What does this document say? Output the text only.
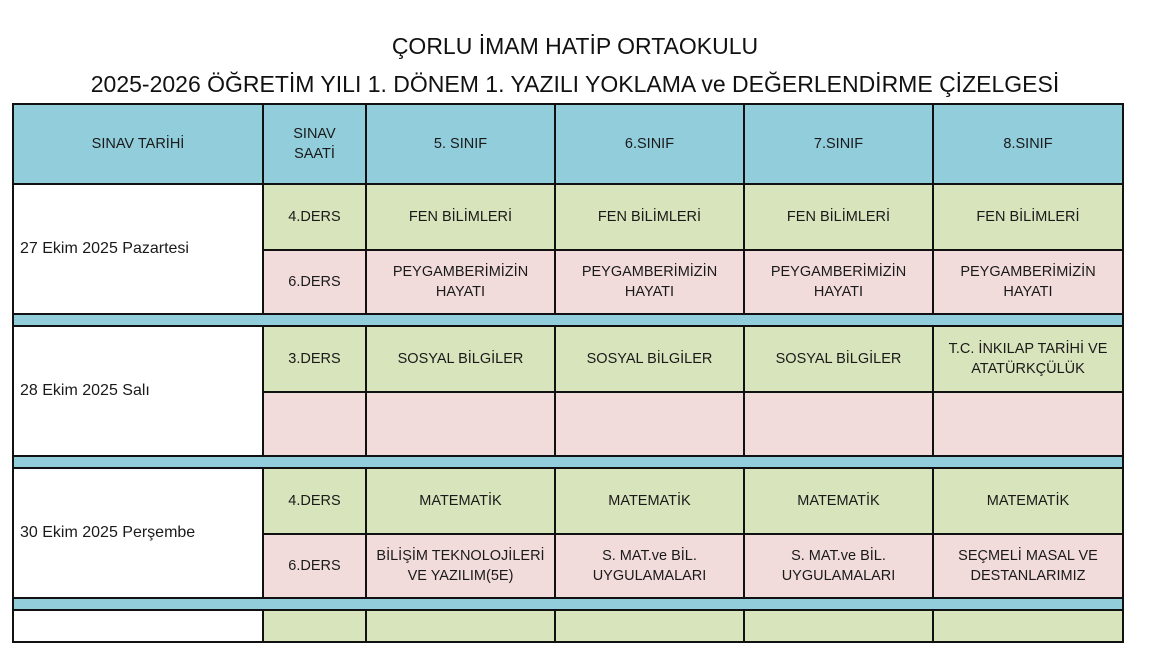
ÇORLU İMAM HATİP ORTAOKULU
2025-2026 ÖĞRETİM YILI 1. DÖNEM 1. YAZILI YOKLAMA ve DEĞERLENDİRME ÇİZELGESİ
SINAV TARİHİ	SINAV SAATİ	5. SINIF	6.SINIF	7.SINIF	8.SINIF
27 Ekim 2025 Pazartesi	4.DERS	FEN BİLİMLERİ	FEN BİLİMLERİ	FEN BİLİMLERİ	FEN BİLİMLERİ
	6.DERS	PEYGAMBERİMİZİN HAYATI	PEYGAMBERİMİZİN HAYATI	PEYGAMBERİMİZİN HAYATI	PEYGAMBERİMİZİN HAYATI

28 Ekim 2025 Salı	3.DERS	SOSYAL BİLGİLER	SOSYAL BİLGİLER	SOSYAL BİLGİLER	T.C. İNKILAP TARİHİ VE ATATÜRKÇÜLÜK

30 Ekim 2025 Perşembe	4.DERS	MATEMATİK	MATEMATİK	MATEMATİK	MATEMATİK
	6.DERS	BİLİŞİM TEKNOLOJİLERİ VE YAZILIM(5E)	S. MAT.ve BİL. UYGULAMALARI	S. MAT.ve BİL. UYGULAMALARI	SEÇMELİ MASAL VE DESTANLARIMIZ
